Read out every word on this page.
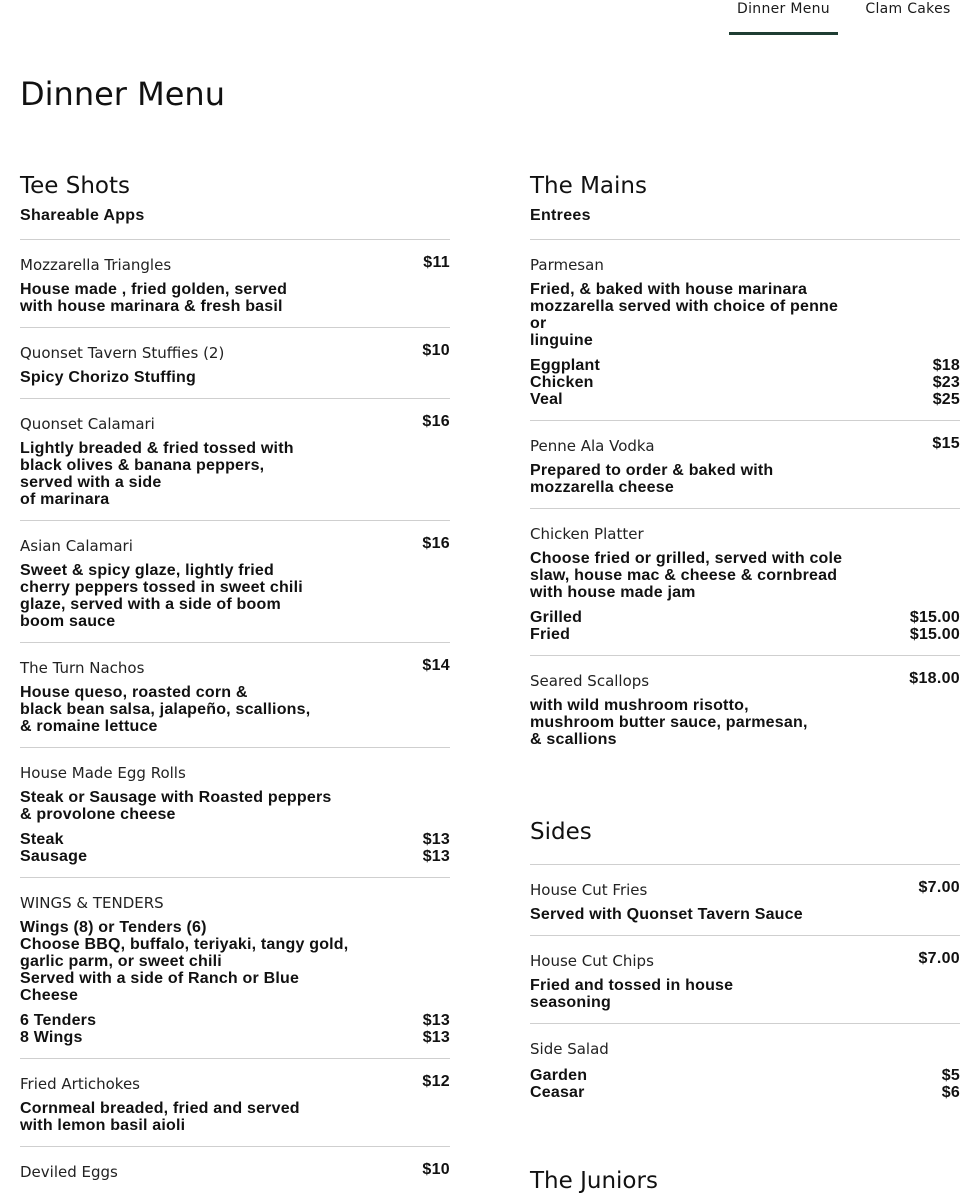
Dinner Menu	Clam Cakes
Dinner Menu
Tee Shots
Shareable Apps
Mozzarella Triangles	$11
House made , fried golden, served
with house marinara & fresh basil
Quonset Tavern Stuffies (2)	$10
Spicy Chorizo Stuffing
Quonset Calamari	$16
Lightly breaded & fried tossed with
black olives & banana peppers,
served with a side
of marinara
Asian Calamari	$16
Sweet & spicy glaze, lightly fried
cherry peppers tossed in sweet chili
glaze, served with a side of boom
boom sauce
The Turn Nachos	$14
House queso, roasted corn &
black bean salsa, jalapeño, scallions,
& romaine lettuce
House Made Egg Rolls
Steak or Sausage with Roasted peppers
& provolone cheese
Steak	$13
Sausage	$13
WINGS & TENDERS
Wings (8) or Tenders (6)
Choose BBQ, buffalo, teriyaki, tangy gold,
garlic parm, or sweet chili
Served with a side of Ranch or Blue
Cheese
6 Tenders	$13
8 Wings	$13
Fried Artichokes	$12
Cornmeal breaded, fried and served
with lemon basil aioli
Deviled Eggs	$10
The Mains
Entrees
Parmesan
Fried, & baked with house marinara
mozzarella served with choice of penne
or
linguine
Eggplant	$18
Chicken	$23
Veal	$25
Penne Ala Vodka	$15
Prepared to order & baked with
mozzarella cheese
Chicken Platter
Choose fried or grilled, served with cole
slaw, house mac & cheese & cornbread
with house made jam
Grilled	$15.00
Fried	$15.00
Seared Scallops	$18.00
with wild mushroom risotto,
mushroom butter sauce, parmesan,
& scallions
Sides
House Cut Fries	$7.00
Served with Quonset Tavern Sauce
House Cut Chips	$7.00
Fried and tossed in house
seasoning
Side Salad
Garden	$5
Ceasar	$6
The Juniors
